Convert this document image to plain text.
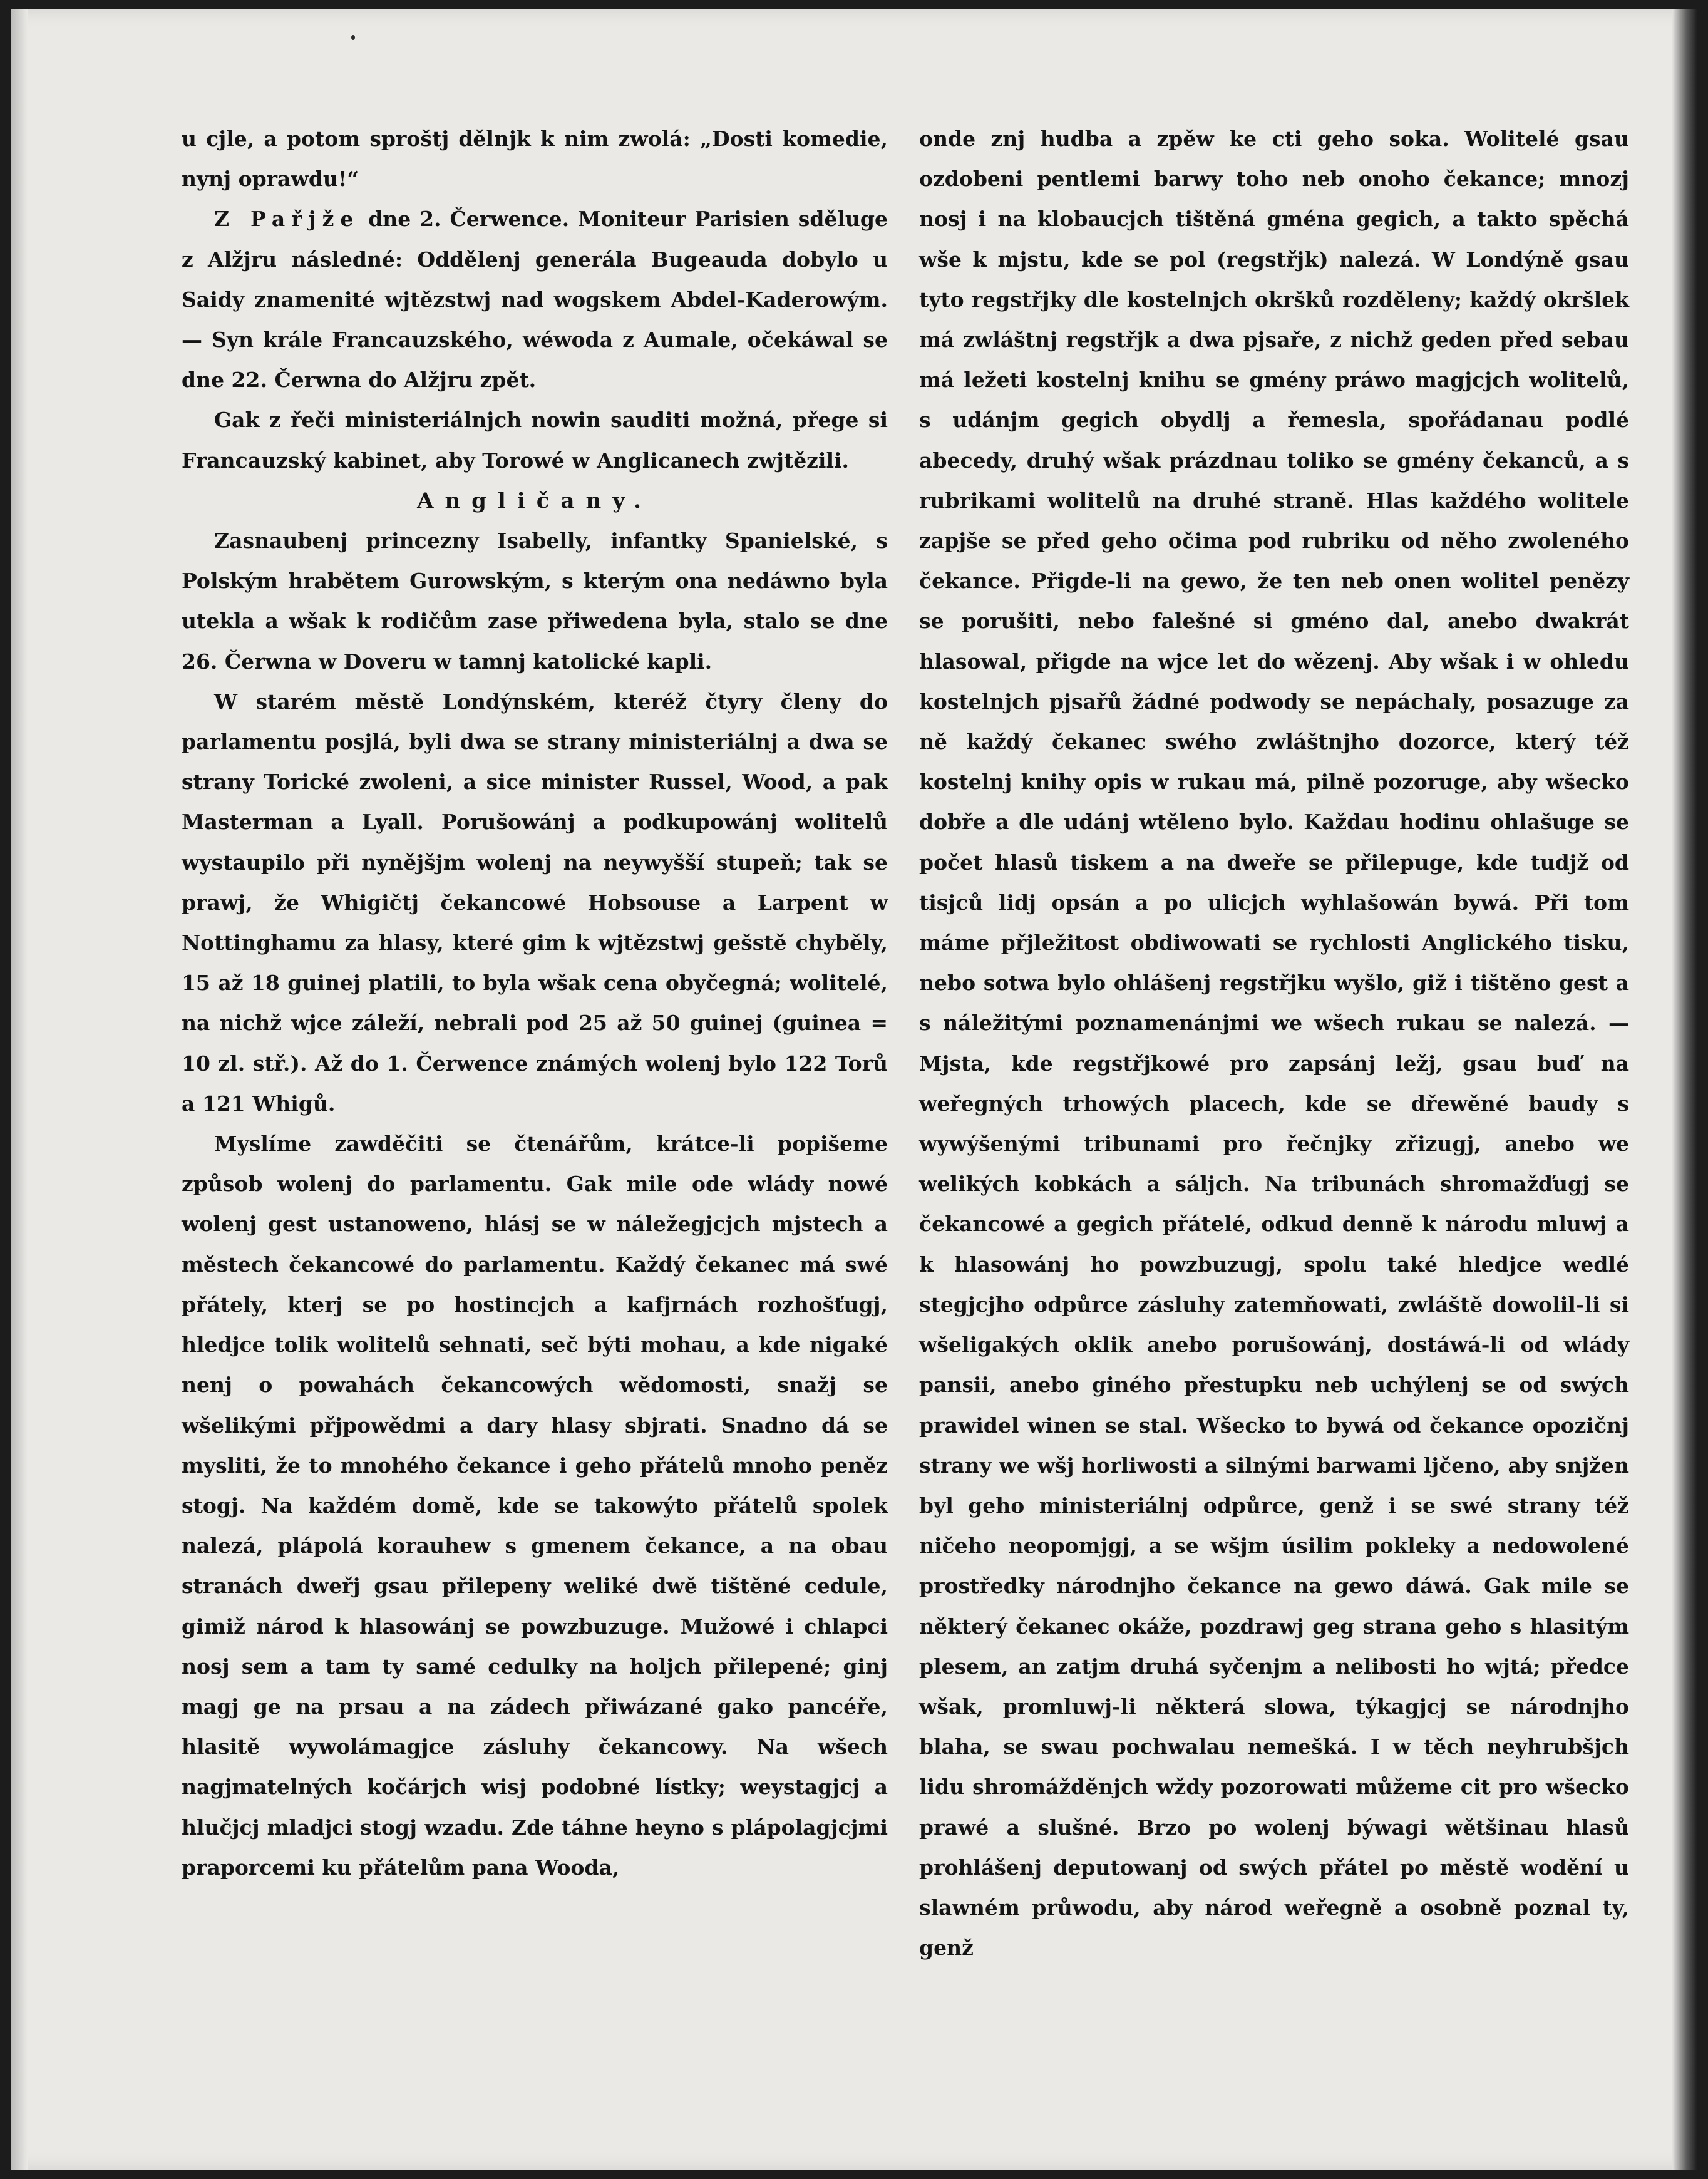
u cjle, a potom sproštj dělnjk k nim zwolá: „Dosti komedie, nynj oprawdu!“

Z Pařjže dne 2. Čerwence. Moniteur Parisien sděluge z Alžjru následné: Oddělenj generála Bugeauda dobylo u Saidy znamenité wjtězstwj nad wogskem Abdel-Kaderowým. — Syn krále Francauzského, wéwoda z Aumale, očekáwal se dne 22. Čerwna do Alžjru zpět.

Gak z řeči ministeriálnjch nowin sauditi možná, přege si Francauzský kabinet, aby Torowé w Anglicanech zwjtězili.

Angličany.

Zasnaubenj princezny Isabelly, infantky Spanielské, s Polským hrabětem Gurowským, s kterým ona nedáwno byla utekla a wšak k rodičům zase přiwedena byla, stalo se dne 26. Čerwna w Doveru w tamnj katolické kapli.

W starém městě Londýnském, kteréž čtyry členy do parlamentu posjlá, byli dwa se strany ministeriálnj a dwa se strany Torické zwoleni, a sice minister Russel, Wood, a pak Masterman a Lyall. Porušowánj a podkupowánj wolitelů wystaupilo při nynějšjm wolenj na neywyšší stupeň; tak se prawj, že Whigičtj čekancowé Hobsouse a Larpent w Nottinghamu za hlasy, které gim k wjtězstwj gešstě chyběly, 15 až 18 guinej platili, to byla wšak cena obyčegná; wolitelé, na nichž wjce záleží, nebrali pod 25 až 50 guinej (guinea = 10 zl. stř.). Až do 1. Čerwence známých wolenj bylo 122 Torů a 121 Whigů.

Myslíme zawděčiti se čtenářům, krátce-li popišeme způsob wolenj do parlamentu. Gak mile ode wlády nowé wolenj gest ustanoweno, hlásj se w náležegjcjch mjstech a městech čekancowé do parlamentu. Každý čekanec má swé přátely, kterj se po hostincjch a kafjrnách rozhošťugj, hledjce tolik wolitelů sehnati, seč býti mohau, a kde nigaké nenj o powahách čekancowých wědomosti, snažj se wšelikými přjpowědmi a dary hlasy sbjrati. Snadno dá se mysliti, že to mnohého čekance i geho přátelů mnoho peněz stogj. Na každém domě, kde se takowýto přátelů spolek nalezá, plápolá korauhew s gmenem čekance, a na obau stranách dweřj gsau přilepeny weliké dwě tištěné cedule, gimiž národ k hlasowánj se powzbuzuge. Mužowé i chlapci nosj sem a tam ty samé cedulky na holjch přilepené; ginj magj ge na prsau a na zádech přiwázané gako pancéře, hlasitě wywolámagjce zásluhy čekancowy. Na wšech nagjmatelných kočárjch wisj podobné lístky; weystagjcj a hlučjcj mladjci stogj wzadu. Zde táhne heyno s plápolagjcjmi praporcemi ku přátelům pana Wooda,

onde znj hudba a zpěw ke cti geho soka. Wolitelé gsau ozdobeni pentlemi barwy toho neb onoho čekance; mnozj nosj i na klobaucjch tištěná gména gegich, a takto spěchá wše k mjstu, kde se pol (regstřjk) nalezá. W Londýně gsau tyto regstřjky dle kostelnjch okršků rozděleny; každý okršlek má zwláštnj regstřjk a dwa pjsaře, z nichž geden před sebau má ležeti kostelnj knihu se gmény práwo magjcjch wolitelů, s udánjm gegich obydlj a řemesla, spořádanau podlé abecedy, druhý wšak prázdnau toliko se gmény čekanců, a s rubrikami wolitelů na druhé straně. Hlas každého wolitele zapjše se před geho očima pod rubriku od něho zwoleného čekance. Přigde-li na gewo, že ten neb onen wolitel penězy se porušiti, nebo falešné si gméno dal, anebo dwakrát hlasowal, přigde na wjce let do wězenj. Aby wšak i w ohledu kostelnjch pjsařů žádné podwody se nepáchaly, posazuge za ně každý čekanec swého zwláštnjho dozorce, který též kostelnj knihy opis w rukau má, pilně pozoruge, aby wšecko dobře a dle udánj wtěleno bylo. Každau hodinu ohlašuge se počet hlasů tiskem a na dweře se přilepuge, kde tudjž od tisjců lidj opsán a po ulicjch wyhlašowán bywá. Při tom máme přjležitost obdiwowati se rychlosti Anglického tisku, nebo sotwa bylo ohlášenj regstřjku wyšlo, giž i tištěno gest a s náležitými poznamenánjmi we wšech rukau se nalezá. — Mjsta, kde regstřjkowé pro zapsánj ležj, gsau buď na weřegných trhowých placech, kde se dřewěné baudy s wywýšenými tribunami pro řečnjky zřizugj, anebo we welikých kobkách a sáljch. Na tribunách shromažďugj se čekancowé a gegich přátelé, odkud denně k národu mluwj a k hlasowánj ho powzbuzugj, spolu také hledjce wedlé stegjcjho odpůrce zásluhy zatemňowati, zwláště dowolil-li si wšeligakých oklik anebo porušowánj, dostáwá-li od wlády pansii, anebo giného přestupku neb uchýlenj se od swých prawidel winen se stal. Wšecko to bywá od čekance opozičnj strany we wšj horliwosti a silnými barwami ljčeno, aby snjžen byl geho ministeriálnj odpůrce, genž i se swé strany též ničeho neopomjgj, a se wšjm úsilim pokleky a nedowolené prostředky národnjho čekance na gewo dáwá. Gak mile se některý čekanec okáže, pozdrawj geg strana geho s hlasitým plesem, an zatjm druhá syčenjm a nelibosti ho wjtá; předce wšak, promluwj-li některá slowa, týkagjcj se národnjho blaha, se swau pochwalau nemešká. I w těch neyhrubšjch lidu shromážděnjch wždy pozorowati můžeme cit pro wšecko prawé a slušné. Brzo po wolenj býwagi wětšinau hlasů prohlášenj deputowanj od swých přátel po městě wodění u slawném průwodu, aby národ weřegně a osobně poznal ty, genž
